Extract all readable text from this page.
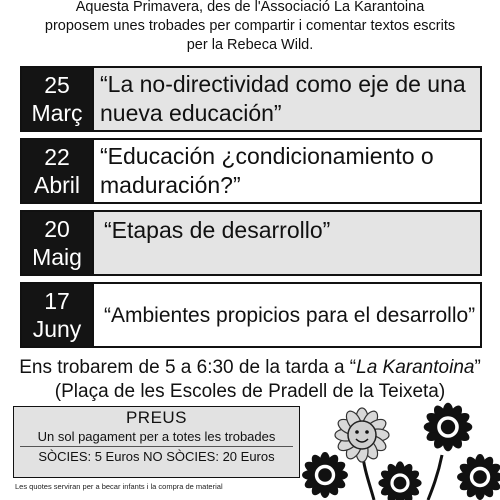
Aquesta Primavera, des de l'Associació La Karantoina
proposem unes trobades per compartir i comentar textos escrits
per la Rebeca Wild.
25
Març
“La no-directividad como eje de una nueva educación”
22
Abril
“Educación ¿condicionamiento o maduración?”
20
Maig
“Etapas de desarrollo”
17
Juny
“Ambientes propicios para el desarrollo”
Ens trobarem de 5 a 6:30 de la tarda a “La Karantoina”
(Plaça de les Escoles de Pradell de la Teixeta)
PREUS
Un sol pagament per a totes les trobades
SÒCIES: 5 Euros NO SÒCIES: 20 Euros
Les quotes serviran per a becar infants i la compra de material
